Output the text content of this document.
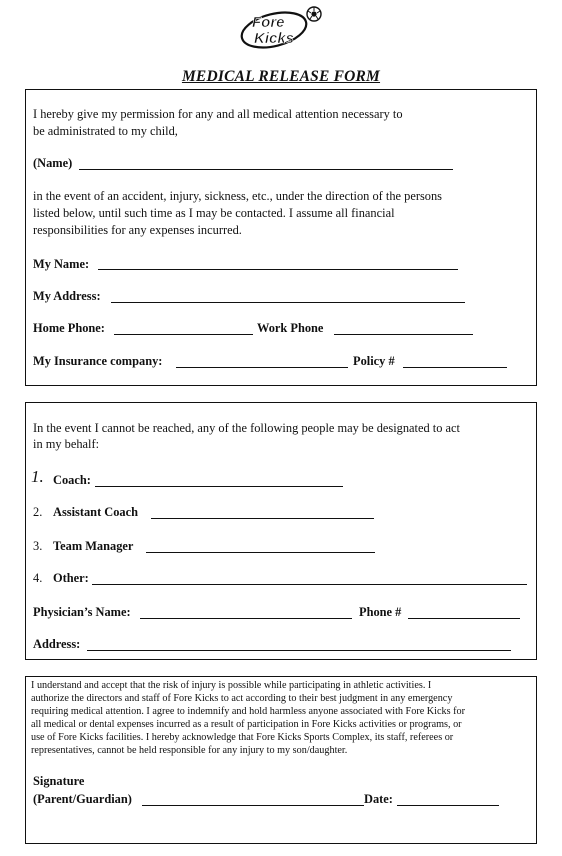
Fore
Kicks
MEDICAL RELEASE FORM
I hereby give my permission for any and all medical attention necessary to
be administrated to my child,
(Name)
in the event of an accident, injury, sickness, etc., under the direction of the persons
listed below, until such time as I may be contacted. I assume all financial
responsibilities for any expenses incurred.
My Name:
My Address:
Home Phone:	Work Phone
My Insurance company:	Policy #
In the event I cannot be reached, any of the following people may be designated to act
in my behalf:
1. Coach:
2. Assistant Coach
3. Team Manager
4. Other:
Physician’s Name:	Phone #
Address:
I understand and accept that the risk of injury is possible while participating in athletic activities. I
authorize the directors and staff of Fore Kicks to act according to their best judgment in any emergency
requiring medical attention. I agree to indemnify and hold harmless anyone associated with Fore Kicks for
all medical or dental expenses incurred as a result of participation in Fore Kicks activities or programs, or
use of Fore Kicks facilities. I hereby acknowledge that Fore Kicks Sports Complex, its staff, referees or
representatives, cannot be held responsible for any injury to my son/daughter.
Signature
(Parent/Guardian)	Date:
